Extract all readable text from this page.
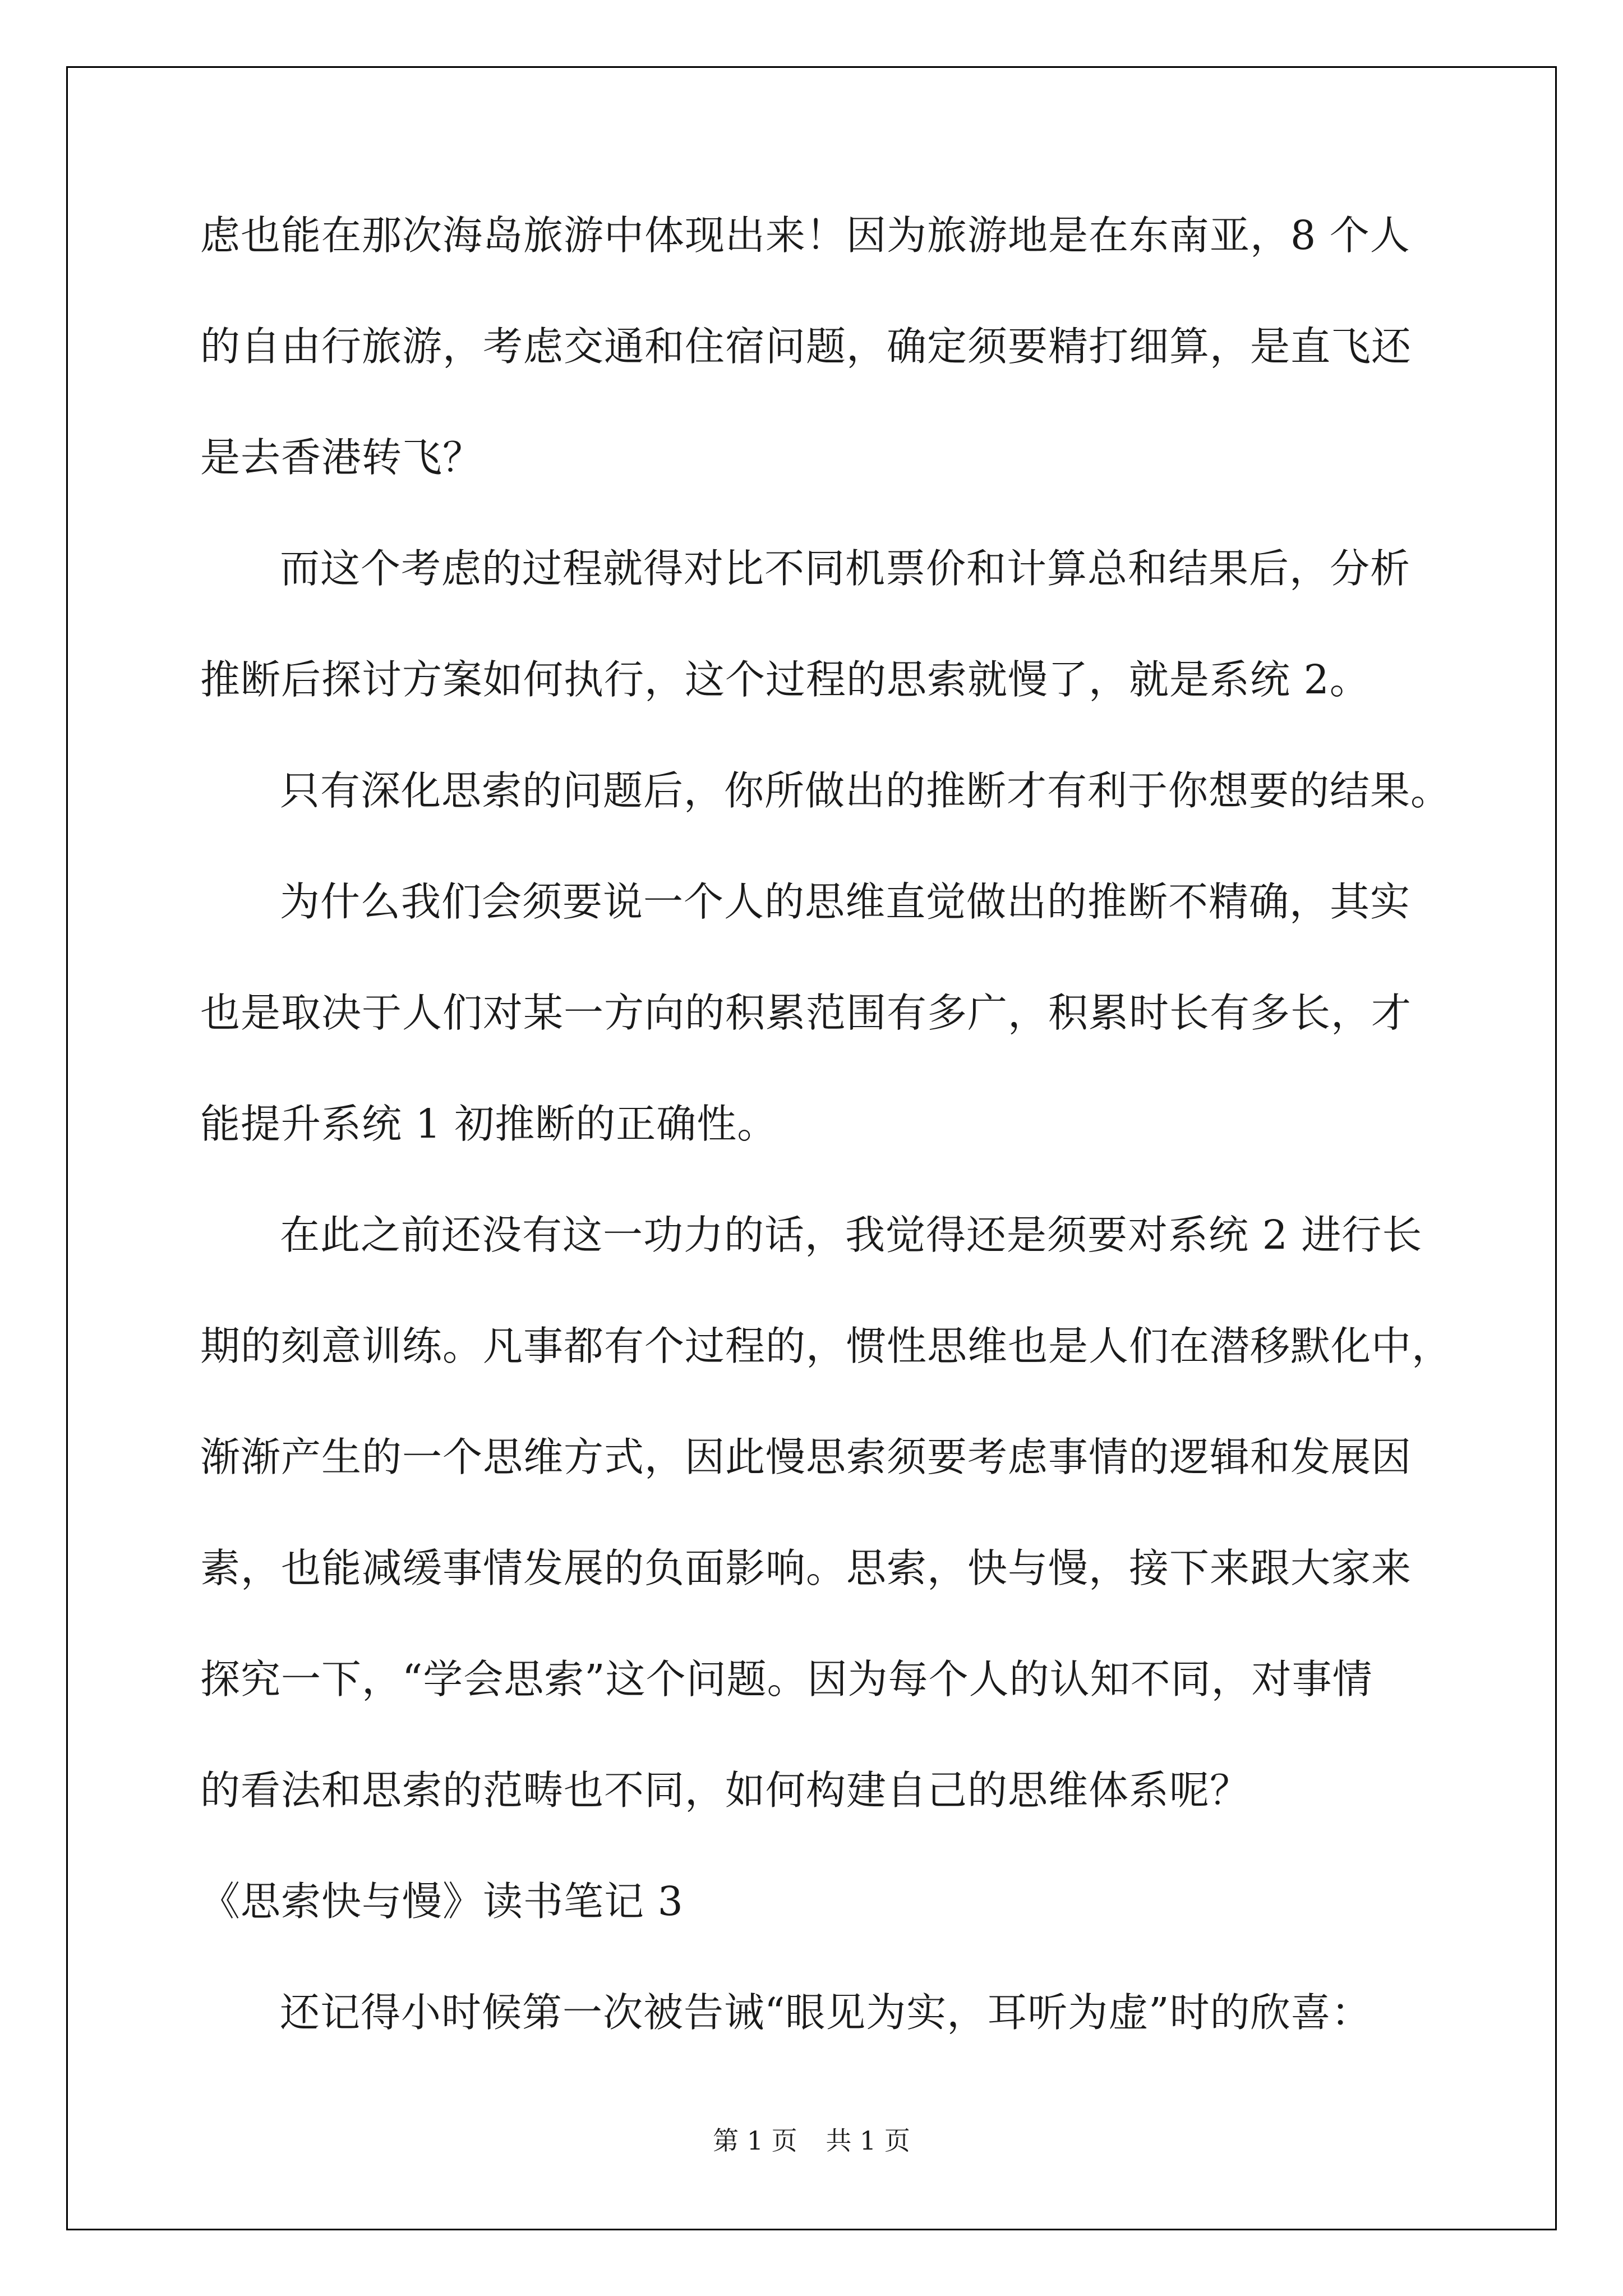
虑也能在那次海岛旅游中体现出来！因为旅游地是在东南亚，8 个人
的自由行旅游，考虑交通和住宿问题，确定须要精打细算，是直飞还
是去香港转飞？
而这个考虑的过程就得对比不同机票价和计算总和结果后，分析
推断后探讨方案如何执行，这个过程的思索就慢了，就是系统 2。
只有深化思索的问题后，你所做出的推断才有利于你想要的结果。
为什么我们会须要说一个人的思维直觉做出的推断不精确，其实
也是取决于人们对某一方向的积累范围有多广，积累时长有多长，才
能提升系统 1 初推断的正确性。
在此之前还没有这一功力的话，我觉得还是须要对系统 2 进行长
期的刻意训练。凡事都有个过程的，惯性思维也是人们在潜移默化中，
渐渐产生的一个思维方式，因此慢思索须要考虑事情的逻辑和发展因
素，也能减缓事情发展的负面影响。思索，快与慢，接下来跟大家来
探究一下，“学会思索”这个问题。因为每个人的认知不同，对事情
的看法和思索的范畴也不同，如何构建自己的思维体系呢？
《思索快与慢》读书笔记 3
还记得小时候第一次被告诫“眼见为实，耳听为虚”时的欣喜：
第 1 页 共 1 页
